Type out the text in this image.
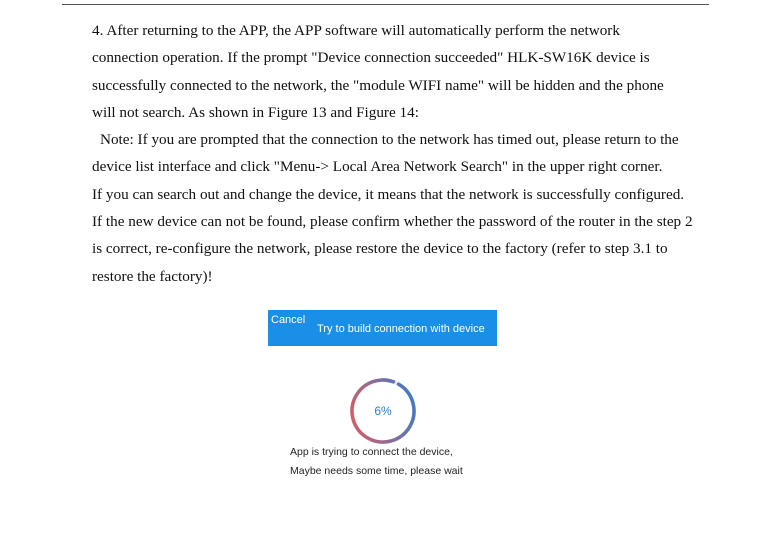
4. After returning to the APP, the APP software will automatically perform the network
connection operation. If the prompt "Device connection succeeded" HLK-SW16K device is
successfully connected to the network, the "module WIFI name" will be hidden and the phone
will not search. As shown in Figure 13 and Figure 14:
Note: If you are prompted that the connection to the network has timed out, please return to the
device list interface and click "Menu-> Local Area Network Search" in the upper right corner.
If you can search out and change the device, it means that the network is successfully configured.
If the new device can not be found, please confirm whether the password of the router in the step 2
is correct, re-configure the network, please restore the device to the factory (refer to step 3.1 to
restore the factory)!
Cancel
Try to build connection with device
6%
App is trying to connect the device,
Maybe needs some time, please wait
